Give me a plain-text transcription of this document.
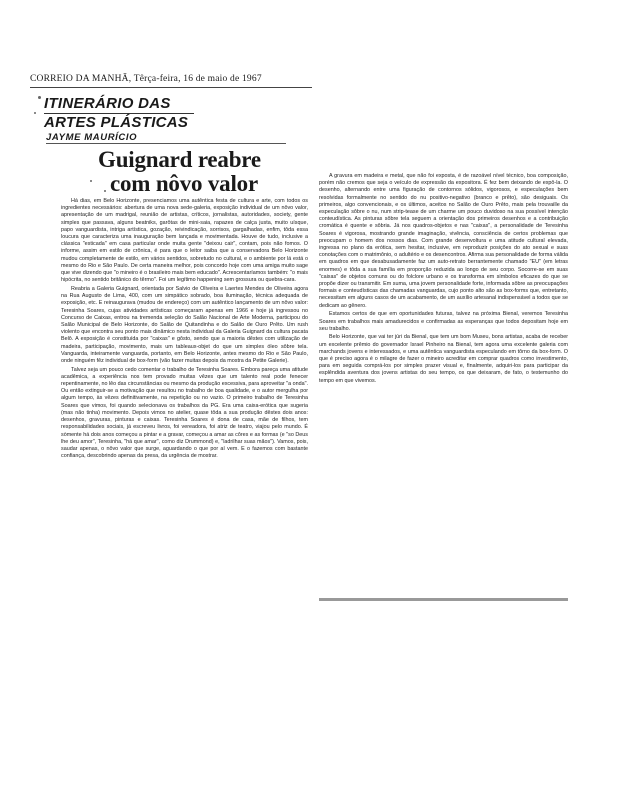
CORREIO DA MANHÃ, Têrça-feira, 16 de maio de 1967
ITINERÁRIO DAS
ARTES PLÁSTICAS
JAYME MAURÍCIO
Guignard reabre
com nôvo valor

Há dias, em Belo Horizonte, presenciamos uma autêntica festa de cultura e arte, com todos os ingredientes necessários: abertura de uma nova sede-galeria, exposição individual de um nôvo valor, apresentação de um madrigal, reunião de artistas, críticos, jornalistas, autoridades, society, gente simples que passava, alguns beatniks, garôtas de mini-saia, rapazes de calça justa, muito uísque, papo vanguardista, intriga artística, gozação, reivindicação, sorrisos, gargalhadas, enfim, tôda essa loucura que caracteriza uma inauguração bem lançada e movimentada. Houve de tudo, inclusive a clássica "esticada" em casa particular onde muita gente "deixou cair", contam, pois não fomos. O informe, assim em estilo de crônica, é para que o leitor saiba que a conservadora Belo Horizonte mudou completamente de estilo, em vários sentidos, sobretudo no cultural, e o ambiente por lá está o mesmo do Rio e São Paulo. De certa maneira melhor, pois concordo hoje com uma amiga muito sage que vive dizendo que "o mineiro é o brasileiro mais bem educado". Acrescentaríamos também: "o mais hipócrita, no sentido britânico do têrmo". Foi um legítimo happening sem grossura ou quebra-cara.

Reabria a Galeria Guignard, orientada por Salvio de Oliveira e Laertes Mendes de Oliveira agora na Rua Augusto de Lima, 400, com um simpático sobrado, boa iluminação, técnica adequada de exposição, etc. E reinaugurava (mudou de endereço) com um autêntico lançamento de um nôvo valor: Teresinha Soares, cujas atividades artísticas começaram apenas em 1966 e hoje já ingressou no Concurso de Caixas, entrou na tremenda seleção do Salão Nacional de Arte Moderna, participou do Salão Municipal de Belo Horizonte, do Salão de Quitandinha e do Salão de Ouro Prêto. Um rush violento que encontra seu ponto mais dinâmico nesta individual da Galeria Guignard da cultura pacata Belô. A exposição é constituída por "caixas" e gôsto, sendo que a maioria dêstes com utilização de madeira, participação, movimento, mais um tableaux-objet do que um simples óleo sôbre tela. Vanguarda, inteiramente vanguarda, portanto, em Belo Horizonte, antes mesmo do Rio e São Paulo, onde ninguém fêz individual de box-form (vão fazer muitas depois da mostra da Petite Galerie).

Talvez seja um pouco cedo comentar o trabalho de Teresinha Soares. Embora pareça uma atitude acadêmica, a experiência nos tem provado muitas vêzes que um talento real pode fenecer repentinamente, no lêo das circunstâncias ou mesmo da produção excessiva, para aproveitar "a onda". Ou então extinguir-se a motivação que resultou no trabalho de boa qualidade, e o autor mergulha por algum tempo, às vêzes definitivamente, na repetição ou no vazio. O primeiro trabalho de Teresinha Soares que vimos, foi quando selecionava os trabalhos da PG. Era uma caixa-erótica que sugeria (mas não tinha) movimento. Depois vimos no atelier, quase tôda a sua produção dêstes dois anos: desenhos, gravuras, pinturas e caixas. Teresinha Soares é dona de casa, mãe de filhos, tem responsabilidades sociais, já escreveu livros, foi vereadora, foi atriz de teatro, viajou pelo mundo. É sòmente há dois anos começou a pintar e a gravar, começou a amar as côres e as formas (e "so Deus lhe deu amor", Teresinha, "há que amar", como diz Drummond) e, "ladrilhar suas mãos"). Vamos, pois, saudar apenas, o nôvo valor que surge, aguardando o que por aí vem. E o fazemos com bastante confiança, descobrindo apenas da presa, da urgência de mostrar.

A gravura em madeira e metal, que não foi exposta, é de razoável nível técnico, boa composição, porém não cremos que seja o veículo de expressão da expositora. É fez bem deixando de expô-la. O desenho, alternando entre uma figuração de contornos sólidos, vigorosos, e especulações bem resolvidas formalmente no sentido do nu positivo-negativo (branco e prêto), são desiguais. Os primeiros, algo convencionais, e os últimos, aceitos no Salão de Ouro Prêto, mais pela trouvaille da especulação sôbre o nu, num strip-tease de um charme um pouco duvidoso na sua possível intenção conteudística. As pinturas sôbre tela seguem a orientação dos primeiros desenhos e a contribuição cromática é quente e sôbria. Já nos quadros-objetos e nas "caixas", a personalidade de Teresinha Soares é vigorosa, mostrando grande imaginação, vivência, consciência de certos problemas que preocupam o homem dos nossos dias. Com grande desenvoltura e uma atitude cultural elevada, ingressa no plano da erótica, sem hesitar, inclusive, em reproduzir posições do ato sexual e suas conotações com o matrimônio, o adultério e os desencontros. Afirma sua personalidade de forma válida em quadros em que desabusadamente faz um auto-retrato berrantemente chamado "EU" (em letras enormes) e tôda a sua família em proporção reduzida ao longo de seu corpo. Socorre-se em suas "caixas" de objetos comuns ou do folclore urbano e os transforma em símbolos eficazes do que se propõe dizer ou transmitir. Em suma, uma jovem personalidade forte, informada sôbre as preocupações formais e conteudísticas das chamadas vanguardas, cujo ponto alto são as box-forms que, entretanto, necessitam em alguns casos de um acabamento, de um auxílio artesanal indispensável a todos que se dedicam ao gênero.

Estamos certos de que em oportunidades futuras, talvez na próxima Bienal, veremos Teresinha Soares em trabalhos mais amadurecidos e confirmadas as esperanças que todos depositam hoje em seu trabalho.

Belo Horizonte, que vai ter júri da Bienal, que tem um bom Museu, bons artistas, acaba de receber um excelente prêmio do governador Israel Pinheiro na Bienal, tem agora uma excelente galeria com marchands jovens e interessados, e uma autêntica vanguardista especulando em tôrno da box-form. O que é preciso agora é o milagre de fazer o mineiro acreditar em comprar quadros como investimento, para em seguida comprá-los por simples prazer visual e, finalmente, adquiri-los para participar da esplêndida aventura dos jovens artistas do seu tempo, os que deixaram, de fato, o testemunho do tempo em que vivemos.
